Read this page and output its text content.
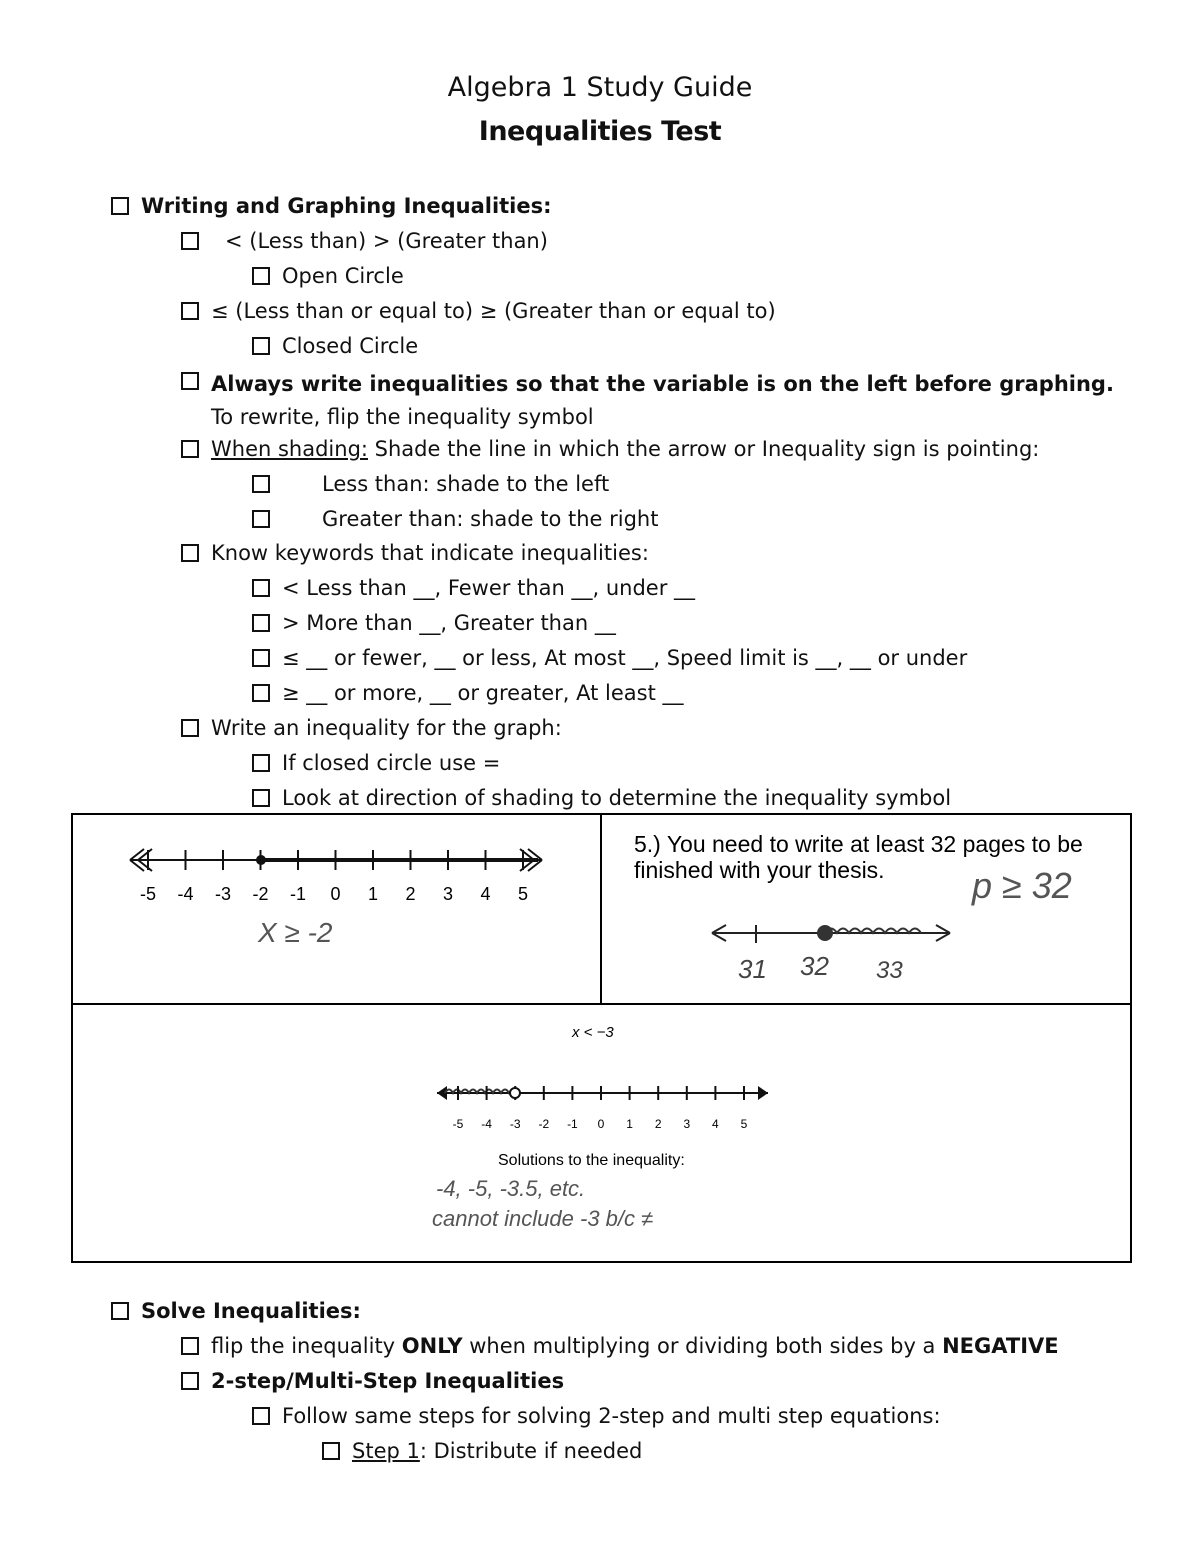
Algebra 1 Study Guide
Inequalities Test
Writing and Graphing Inequalities:
< (Less than) > (Greater than)
Open Circle
≤ (Less than or equal to) ≥ (Greater than or equal to)
Closed Circle
Always write inequalities so that the variable is on the left before graphing. To rewrite, flip the inequality symbol
When shading: Shade the line in which the arrow or Inequality sign is pointing:
Less than: shade to the left
Greater than: shade to the right
Know keywords that indicate inequalities:
< Less than __, Fewer than __, under __
> More than __, Greater than __
≤ __ or fewer, __ or less, At most __, Speed limit is __, __ or under
≥ __ or more, __ or greater, At least __
Write an inequality for the graph:
If closed circle use =
Look at direction of shading to determine the inequality symbol
-5 -4 -3 -2 -1 0 1 2 3 4 5
X ≥ -2
5.) You need to write at least 32 pages to be
finished with your thesis. p ≥ 32
31 32 33
x < −3
-5 -4 -3 -2 -1 0 1 2 3 4 5
Solutions to the inequality:
-4, -5, -3.5, etc.
cannot include -3 b/c ≠
Solve Inequalities:
flip the inequality ONLY when multiplying or dividing both sides by a NEGATIVE
2-step/Multi-Step Inequalities
Follow same steps for solving 2-step and multi step equations:
Step 1: Distribute if needed
